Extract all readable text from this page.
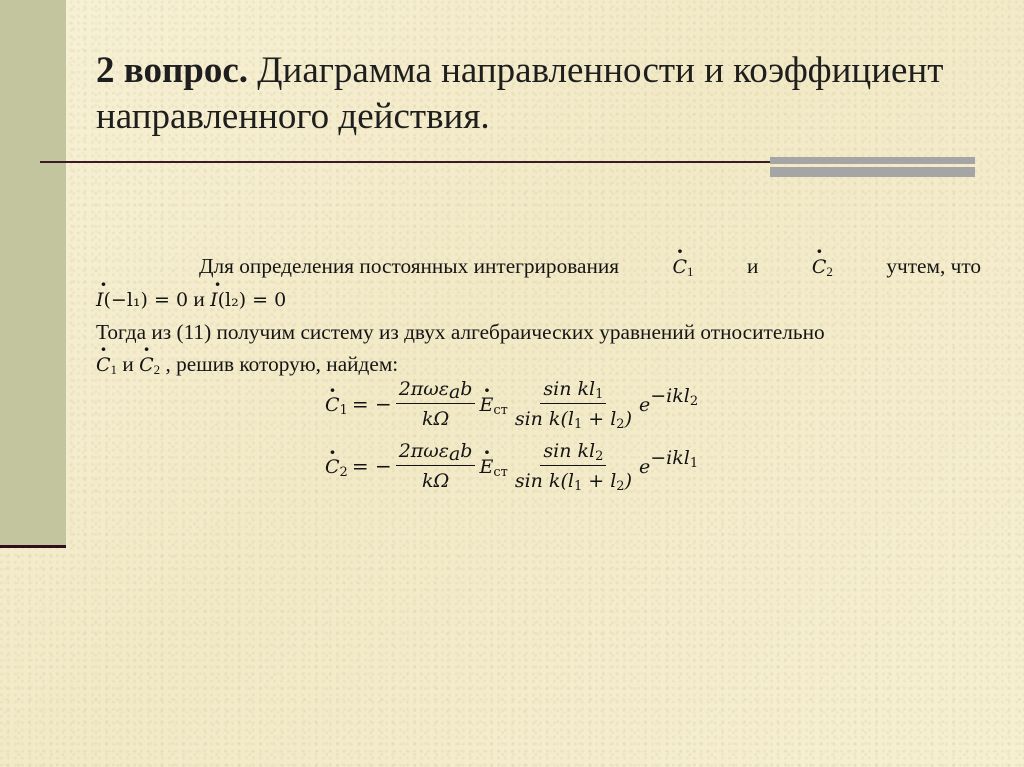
2 вопрос. Диаграмма направленности и коэффициент направленного действия.
Для определения постоянных интегрирования
·	$C_1$	и
·	$C_2$	учтем, что
· I(−l₁) = 0 и · I(l₂) = 0
Тогда из (11) получим систему из двух алгебраических уравнений относительно
· $C_1$ $и \cdot C_2$ , решив которую, найдем:
· $C_1$ = − $\frac{2\pi\omega\varepsilon_ab}{k\Omega}$
· $E_{ст} \frac{\sin kl_1}{\sin k(l_1 + l_2)} e^{-ikl_2}$
· $C_2$ = − $\frac{2\pi\omega\varepsilon_ab}{k\Omega}$
· $E_{ст} \frac{\sin kl_2}{\sin k(l_1 + l_2)} e^{-ikl_1}$
